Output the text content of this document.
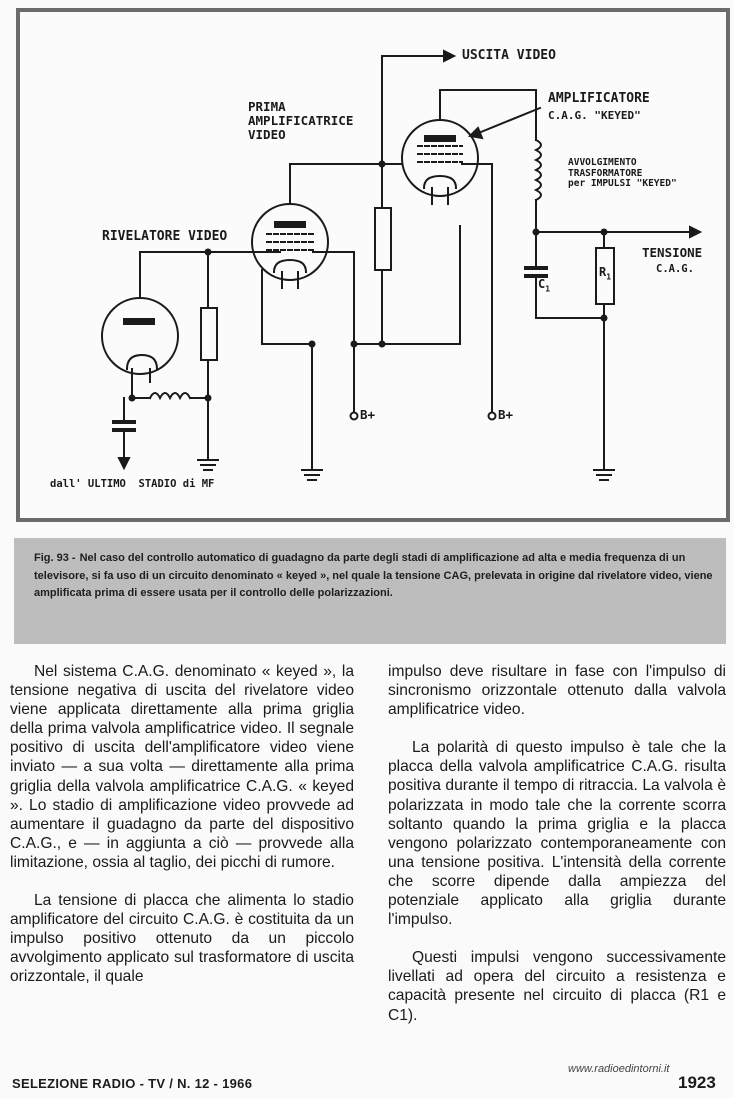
USCITA VIDEO
PRIMA
AMPLIFICATRICE
VIDEO
AMPLIFICATORE
C.A.G. "KEYED"
AVVOLGIMENTO
TRASFORMATORE
per IMPULSI "KEYED"
RIVELATORE VIDEO
TENSIONE
C.A.G.
$R_1$
$C_1$
B+	B+
dall' ULTIMO  STADIO di MF
Fig. 93 - Nel caso del controllo automatico di guadagno da parte degli stadi di amplificazione ad alta e media frequenza di un televisore, si fa uso di un circuito denominato « keyed », nel quale la tensione CAG, prelevata in origine dal rivelatore video, viene amplificata prima di essere usata per il controllo delle polarizzazioni.

Nel sistema C.A.G. denominato « keyed », la tensione negativa di uscita del rivelatore video viene applicata direttamente alla prima griglia della prima valvola amplificatrice video. Il segnale positivo di uscita dell'amplificatore video viene inviato — a sua volta — direttamente alla prima griglia della valvola amplificatrice C.A.G. « keyed ». Lo stadio di amplificazione video provvede ad aumentare il guadagno da parte del dispositivo C.A.G., e — in aggiunta a ciò — provvede alla limitazione, ossia al taglio, dei picchi di rumore.

La tensione di placca che alimenta lo stadio amplificatore del circuito C.A.G. è costituita da un impulso positivo ottenuto da un piccolo avvolgimento applicato sul trasformatore di uscita orizzontale, il quale

impulso deve risultare in fase con l'impulso di sincronismo orizzontale ottenuto dalla valvola amplificatrice video.

La polarità di questo impulso è tale che la placca della valvola amplificatrice C.A.G. risulta positiva durante il tempo di ritraccia. La valvola è polarizzata in modo tale che la corrente scorra soltanto quando la prima griglia e la placca vengono polarizzato contemporaneamente con una tensione positiva. L'intensità della corrente che scorre dipende dalla ampiezza del potenziale applicato alla griglia durante l'impulso.

Questi impulsi vengono successivamente livellati ad opera del circuito a resistenza e capacità presente nel circuito di placca (R1 e C1).

SELEZIONE RADIO - TV / N. 12 - 1966
www.radioedintorni.it
1923
